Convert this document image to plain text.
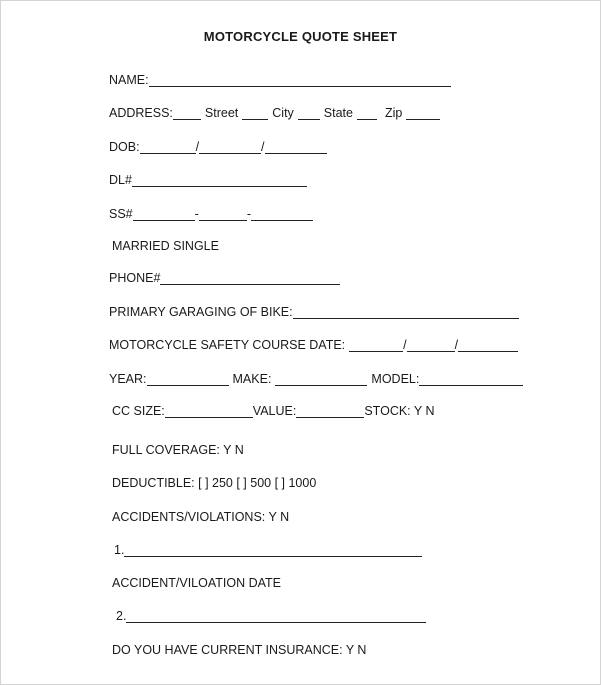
MOTORCYCLE QUOTE SHEET
NAME:
ADDRESS:	Street	City State	Zip
DOB:	/	/
DL#
SS#	-	-
MARRIED SINGLE
PHONE#
PRIMARY GARAGING OF BIKE:
MOTORCYCLE SAFETY COURSE DATE:	/	/
YEAR:	MAKE:	MODEL:
CC SIZE:	VALUE:	STOCK: Y N
FULL COVERAGE: Y N
DEDUCTIBLE: [ ] 250 [ ] 500 [ ] 1000
ACCIDENTS/VIOLATIONS: Y N
1.
ACCIDENT/VILOATION DATE
2.
DO YOU HAVE CURRENT INSURANCE: Y N
